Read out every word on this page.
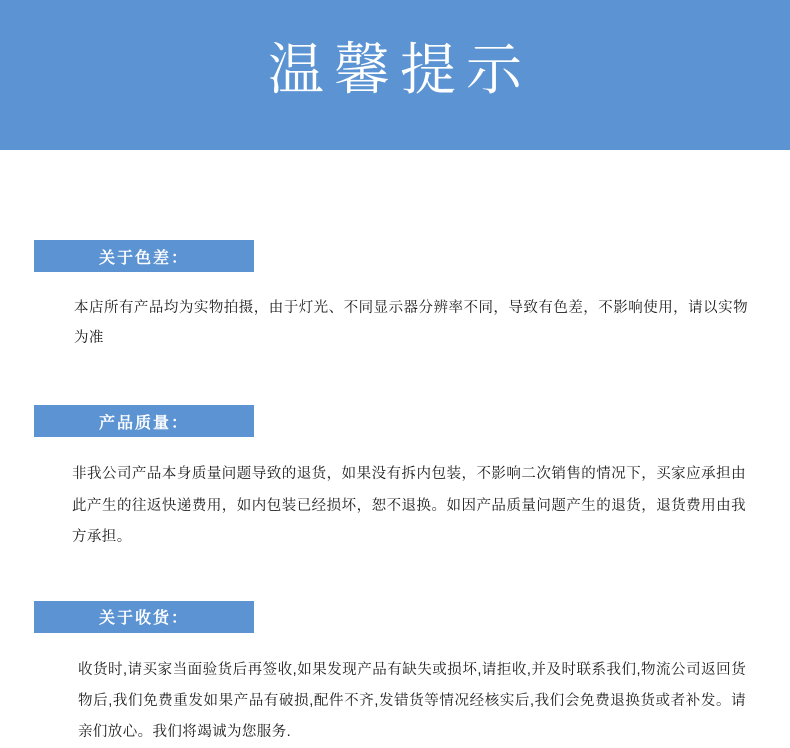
温馨提示
关于色差：
本店所有产品均为实物拍摄，由于灯光、不同显示器分辨率不同，导致有色差，不影响使用，请以实物为准
产品质量：
非我公司产品本身质量问题导致的退货，如果没有拆内包装，不影响二次销售的情况下，买家应承担由此产生的往返快递费用，如内包装已经损坏，恕不退换。如因产品质量问题产生的退货，退货费用由我方承担。
关于收货：
收货时,请买家当面验货后再签收,如果发现产品有缺失或损坏,请拒收,并及时联系我们,物流公司返回货物后,我们免费重发如果产品有破损,配件不齐,发错货等情况经核实后,我们会免费退换货或者补发。请亲们放心。我们将竭诚为您服务.
